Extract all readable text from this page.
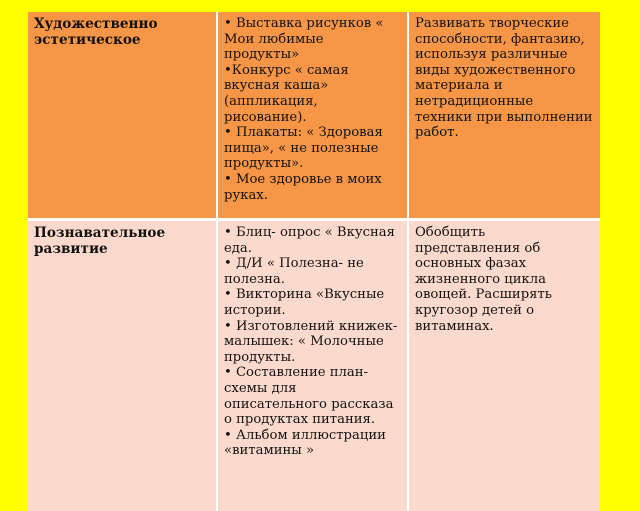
Художественно эстетическое
• Выставка рисунков « Мои любимые продукты»
•Конкурс « самая вкусная каша» (аппликация, рисование).
• Плакаты: « Здоровая пища», « не полезные продукты».
• Мое здоровье в моих руках.
Развивать творческие способности, фантазию, используя различные виды художественного материала и нетрадиционные техники при выполнении работ.
Познавательное развитие
• Блиц- опрос « Вкусная еда.
• Д/И « Полезна- не полезна.
• Викторина «Вкусные истории.
• Изготовлений книжек- малышек: « Молочные продукты.
• Составление план- схемы для описательного рассказа о продуктах питания.
• Альбом иллюстрации «витамины »
Обобщить представления об основных фазах жизненного цикла овощей. Расширять кругозор детей о витаминах.
